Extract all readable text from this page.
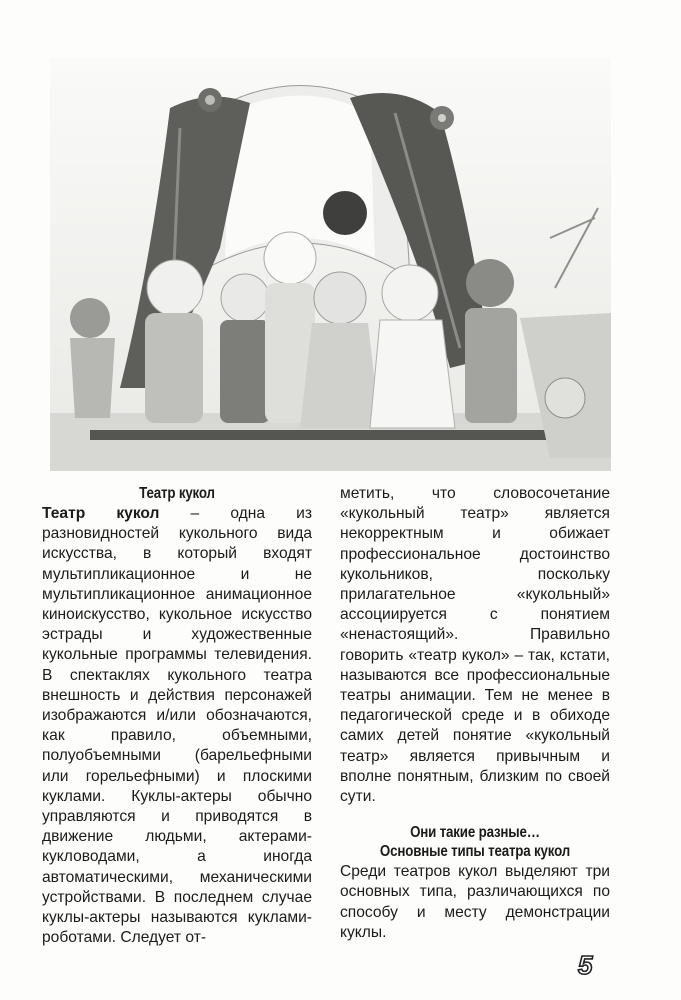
Театр кукол

Театр кукол – одна из разновидностей кукольного вида искусства, в который входят мультипликационное и не мультипликационное анимационное киноискусство, кукольное искусство эстрады и художественные кукольные программы телевидения. В спектаклях кукольного театра внешность и действия персонажей изображаются и/или обозначаются, как правило, объемными, полуобъемными (барельефными или горельефными) и плоскими куклами. Куклы-актеры обычно управляются и приводятся в движение людьми, актерами-кукловодами, а иногда автоматическими, механическими устройствами. В последнем случае куклы-актеры называются куклами-роботами. Следует от-

метить, что словосочетание «кукольный театр» является некорректным и обижает профессиональное достоинство кукольников, поскольку прилагательное «кукольный» ассоциируется с понятием «ненастоящий». Правильно говорить «театр кукол» – так, кстати, называются все профессиональные театры анимации. Тем не менее в педагогической среде и в обиходе самих детей понятие «кукольный театр» является привычным и вполне понятным, близким по своей сути.

Они такие разные…
Основные типы театра кукол

Среди театров кукол выделяют три основных типа, различающихся по способу и месту демонстрации куклы.

5
